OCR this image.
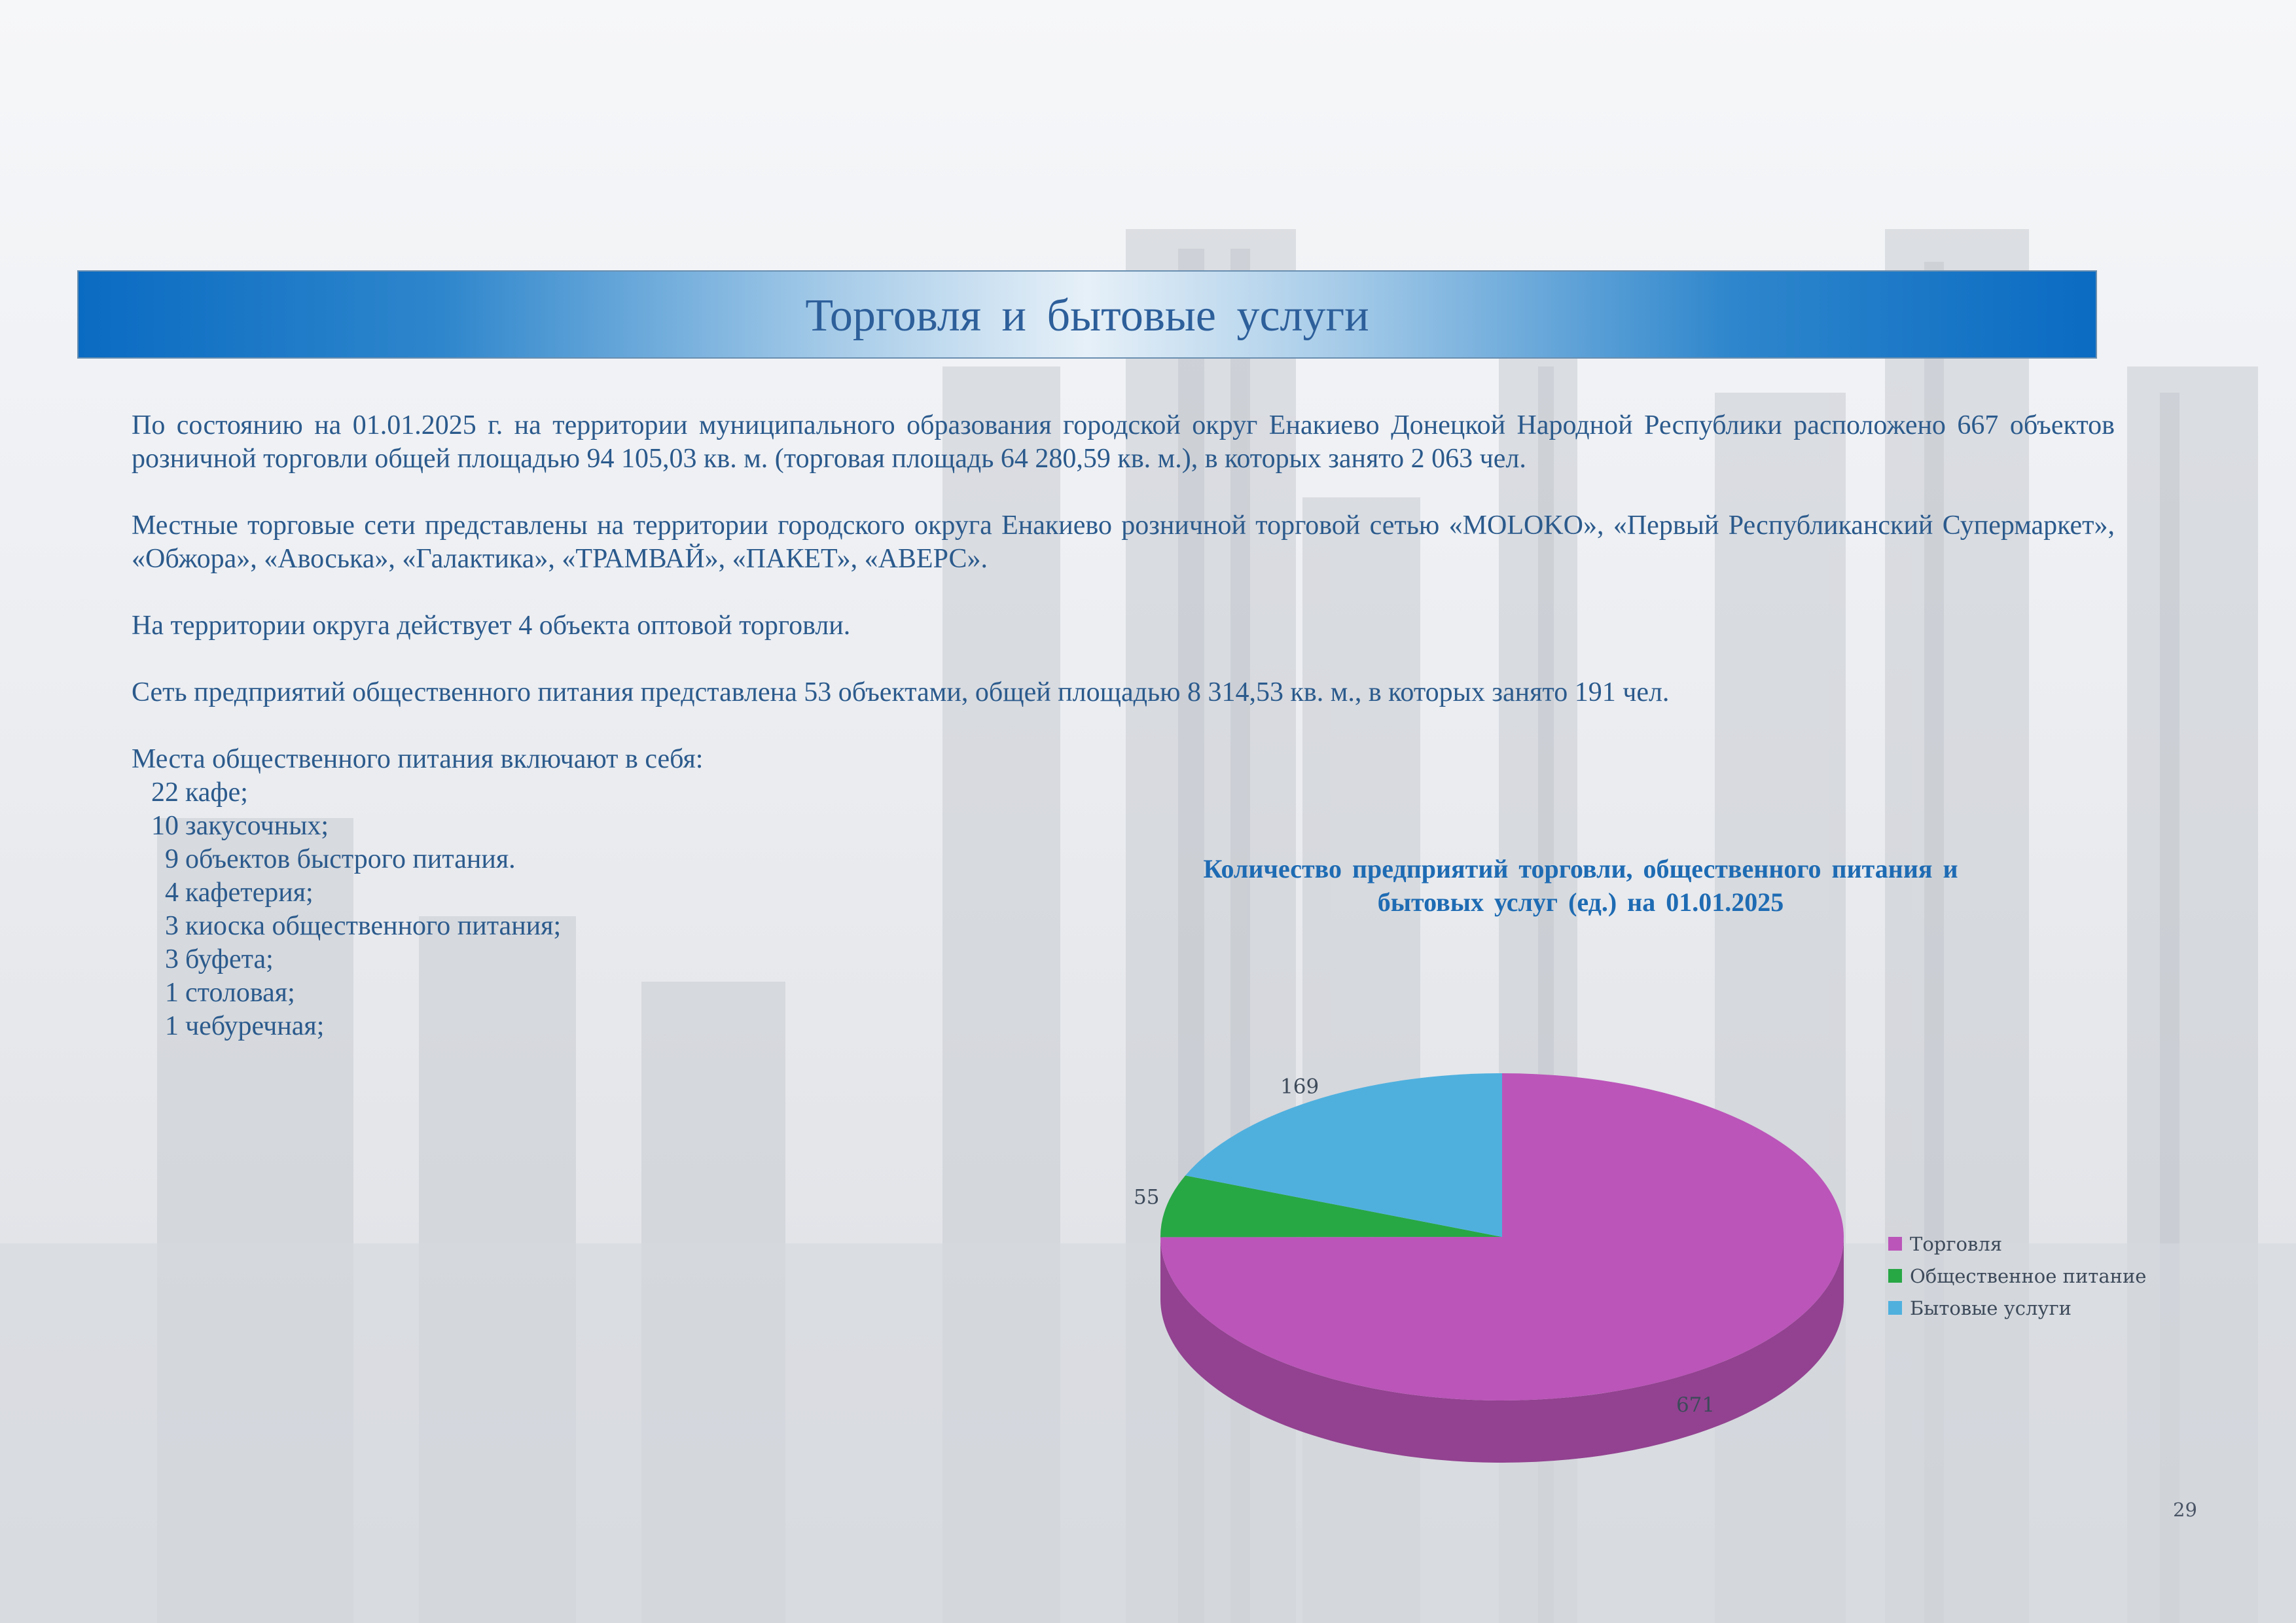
Торговля и бытовые услуги

По состоянию на 01.01.2025 г. на территории муниципального образования городской округ Енакиево Донецкой Народной Республики расположено 667 объектов розничной торговли общей площадью 94 105,03 кв. м. (торговая площадь 64 280,59 кв. м.), в которых занято 2 063 чел.

Местные торговые сети представлены на территории городского округа Енакиево розничной торговой сетью «MOLOKO», «Первый Республиканский Супермаркет», «Обжора», «Авоська», «Галактика», «ТРАМВАЙ», «ПАКЕТ», «АВЕРС».

На территории округа действует 4 объекта оптовой торговли.

Сеть предприятий общественного питания представлена 53 объектами, общей площадью 8 314,53 кв. м., в которых занято 191 чел.

Места общественного питания включают в себя:

22 кафе;
10 закусочных;
9 объектов быстрого питания.
4 кафетерия;
3 киоска общественного питания;
3 буфета;
1 столовая;
1 чебуречная;
Количество предприятий торговли, общественного питания и
бытовых услуг (ед.) на 01.01.2025
671
55
169
Торговля
Общественное питание
Бытовые услуги
29
